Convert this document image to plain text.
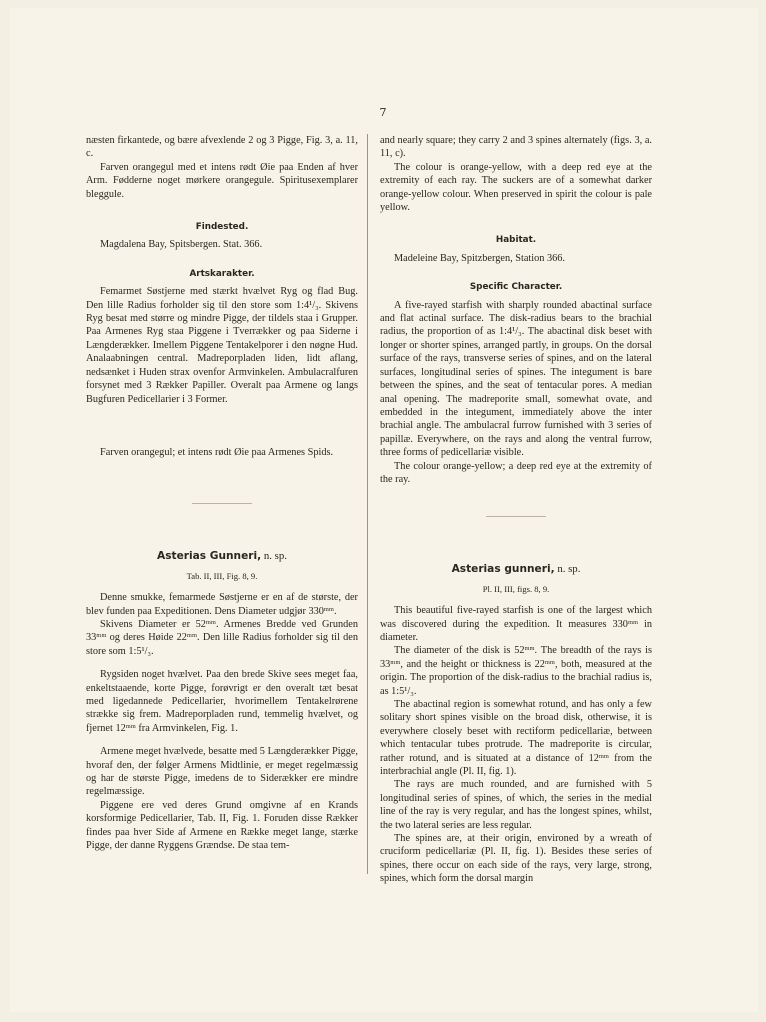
7

næsten firkantede, og bære afvexlende 2 og 3 Pigge, Fig. 3, a. 11, c.

Farven orangegul med et intens rødt Øie paa Enden af hver Arm. Fødderne noget mørkere orangegule. Spiritusexemplarer bleggule.

Findested.

Magdalena Bay, Spitsbergen. Stat. 366.

Artskarakter.

Femarmet Søstjerne med stærkt hvælvet Ryg og flad Bug. Den lille Radius forholder sig til den store som 1:4¹/₃. Skivens Ryg besat med større og mindre Pigge, der tildels staa i Grupper. Paa Armenes Ryg staa Piggene i Tverrækker og paa Siderne i Længderækker. Imellem Piggene Tentakelporer i den nøgne Hud. Analaabningen central. Madreporpladen liden, lidt aflang, nedsænket i Huden strax ovenfor Armvinkelen. Ambulacralfuren forsynet med 3 Rækker Papiller. Overalt paa Armene og langs Bugfuren Pedicellarier i 3 Former.

Farven orangegul; et intens rødt Øie paa Armenes Spids.

Asterias Gunneri, n. sp.
Tab. II, III, Fig. 8, 9.

Denne smukke, femarmede Søstjerne er en af de største, der blev funden paa Expeditionen. Dens Diameter udgjør 330ᵐᵐ.

Skivens Diameter er 52ᵐᵐ. Armenes Bredde ved Grunden 33ᵐᵐ og deres Høide 22ᵐᵐ. Den lille Radius forholder sig til den store som 1:5¹/₃.

Rygsiden noget hvælvet. Paa den brede Skive sees meget faa, enkeltstaaende, korte Pigge, forøvrigt er den overalt tæt besat med ligedannede Pedicellarier, hvorimellem Tentakelrørene strække sig frem. Madreporpladen rund, temmelig hvælvet, og fjernet 12ᵐᵐ fra Armvinkelen, Fig. 1.

Armene meget hvælvede, besatte med 5 Længderækker Pigge, hvoraf den, der følger Armens Midtlinie, er meget regelmæssig og har de største Pigge, imedens de to Siderækker ere mindre regelmæssige.

Piggene ere ved deres Grund omgivne af en Krands korsformige Pedicellarier, Tab. II, Fig. 1. Foruden disse Rækker findes paa hver Side af Armene en Række meget lange, stærke Pigge, der danne Ryggens Grændse. De staa tem-

and nearly square; they carry 2 and 3 spines alternately (figs. 3, a. 11, c).

The colour is orange-yellow, with a deep red eye at the extremity of each ray. The suckers are of a somewhat darker orange-yellow colour. When preserved in spirit the colour is pale yellow.

Habitat.

Madeleine Bay, Spitzbergen, Station 366.

Specific Character.

A five-rayed starfish with sharply rounded abactinal surface and flat actinal surface. The disk-radius bears to the brachial radius, the proportion of as 1:4¹/₃. The abactinal disk beset with longer or shorter spines, arranged partly, in groups. On the dorsal surface of the rays, transverse series of spines, and on the lateral surfaces, longitudinal series of spines. The integument is bare between the spines, and the seat of tentacular pores. A median anal opening. The madreporite small, somewhat ovate, and embedded in the integument, immediately above the inter brachial angle. The ambulacral furrow furnished with 3 series of papillæ. Everywhere, on the rays and along the ventral furrow, three forms of pedicellariæ visible.

The colour orange-yellow; a deep red eye at the extremity of the ray.

Asterias gunneri, n. sp.
Pl. II, III, figs. 8, 9.

This beautiful five-rayed starfish is one of the largest which was discovered during the expedition. It measures 330ᵐᵐ in diameter.

The diameter of the disk is 52ᵐᵐ. The breadth of the rays is 33ᵐᵐ, and the height or thickness is 22ᵐᵐ, both, measured at the origin. The proportion of the disk-radius to the brachial radius is, as 1:5¹/₃.

The abactinal region is somewhat rotund, and has only a few solitary short spines visible on the broad disk, otherwise, it is everywhere closely beset with rectiform pedicellariæ, between which tentacular tubes protrude. The madreporite is circular, rather rotund, and is situated at a distance of 12ᵐᵐ from the interbrachial angle (Pl. II, fig. 1).

The rays are much rounded, and are furnished with 5 longitudinal series of spines, of which, the series in the medial line of the ray is very regular, and has the longest spines, whilst, the two lateral series are less regular.

The spines are, at their origin, environed by a wreath of cruciform pedicellariæ (Pl. II, fig. 1). Besides these series of spines, there occur on each side of the rays, very large, strong, spines, which form the dorsal margin
